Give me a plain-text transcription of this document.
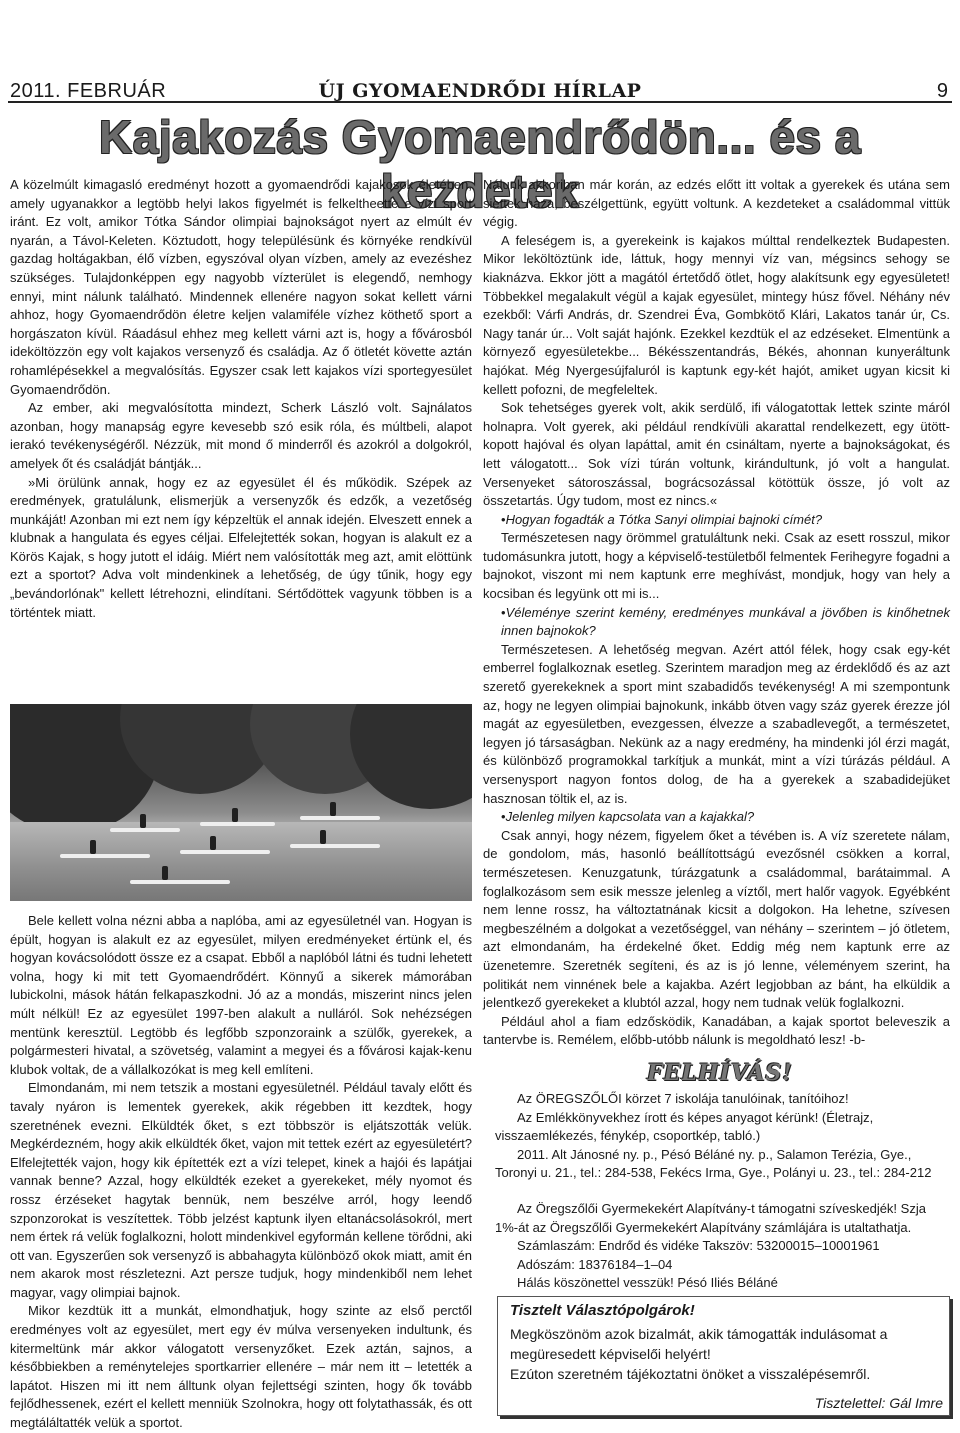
2011. FEBRUÁR	ÚJ GYOMAENDRŐDI HÍRLAP	9
Kajakozás Gyomaendrődön... és a kezdetek

A közelmúlt kimagasló eredményt hozott a gyomaendrődi kajakosok életében, amely ugyanakkor a legtöbb helyi lakos figyelmét is felkeltheette e vízi sport iránt. Ez volt, amikor Tótka Sándor olimpiai bajnokságot nyert az elmúlt év nyarán, a Távol-Keleten. Köztudott, hogy településünk és környéke rendkívül gazdag holtágakban, élő vízben, egyszóval olyan vízben, amely az evezéshez szükséges. Tulajdonképpen egy nagyobb vízterület is elegendő, nemhogy ennyi, mint nálunk található. Mindennek ellenére nagyon sokat kellett várni ahhoz, hogy Gyomaendrődön életre keljen valamiféle vízhez köthető sport a horgászaton kívül. Ráadásul ehhez meg kellett várni azt is, hogy a fővárosból ideköltözzön egy volt kajakos versenyző és családja. Az ő ötletét követte aztán rohamlépésekkel a megvalósítás. Egyszer csak lett kajakos vízi sportegyesület Gyomaendrődön.

Az ember, aki megvalósította mindezt, Scherk László volt. Sajnálatos azonban, hogy manapság egyre kevesebb szó esik róla, és múltbeli, alapot ierakó tevékenységéről. Nézzük, mit mond ő minderről és azokról a dolgokról, amelyek őt és családját bántják...

»Mi örülünk annak, hogy ez az egyesület él és működik. Szépek az eredmények, gratulálunk, elismerjük a versenyzők és edzők, a vezetőség munkáját! Azonban mi ezt nem így képzeltük el annak idején. Elveszett ennek a klubnak a hangulata és egyes céljai. Elfelejtették sokan, hogyan is alakult ez a Körös Kajak, s hogy jutott el idáig. Miért nem valósították meg azt, amit elöttünk ezt a sportot? Adva volt mindenkinek a lehetőség, de úgy tűnik, hogy egy „bevándorlónak" kellett létrehozni, elindítani. Sértődöttek vagyunk többen is a történtek miatt.

Bele kellett volna nézni abba a naplóba, ami az egyesületnél van. Hogyan is épült, hogyan is alakult ez az egyesület, milyen eredményeket értünk el, és hogyan kovácsolódott össze ez a csapat. Ebből a naplóból látni és tudni lehetett volna, hogy ki mit tett Gyomaendrődért. Könnyű a sikerek mámorában lubickolni, mások hátán felkapaszkodni. Jó az a mondás, miszerint nincs jelen múlt nélkül! Ez az egyesület 1997-ben alakult a nulláról. Sok nehézségen mentünk keresztül. Legtöbb és legfőbb szponzoraink a szülők, gyerekek, a polgármesteri hivatal, a szövetség, valamint a megyei és a fővárosi kajak-kenu klubok voltak, de a vállalkozókat is meg kell említeni.

Elmondanám, mi nem tetszik a mostani egyesületnél. Például tavaly előtt és tavaly nyáron is lementek gyerekek, akik régebben itt kezdtek, hogy szeretnének evezni. Elküldték őket, s ezt többször is eljátszották velük. Megkérdezném, hogy akik elküldték őket, vajon mit tettek ezért az egyesületért? Elfelejtették vajon, hogy kik építették ezt a vízi telepet, kinek a hajói és lapátjai vannak benne? Azzal, hogy elküldték ezeket a gyerekeket, mély nyomot és rossz érzéseket hagytak bennük, nem beszélve arról, hogy leendő szponzorokat is veszítettek. Több jelzést kaptunk ilyen eltanácsolásokról, mert nem értek rá velük foglalkozni, holott mindenkivel egyformán kellene törődni, aki ott van. Egyszerűen sok versenyző is abbahagyta különböző okok miatt, amit én nem akarok most részletezni. Azt persze tudjuk, hogy mindenkiből nem lehet magyar, vagy olimpiai bajnok.

Mikor kezdtük itt a munkát, elmondhatjuk, hogy szinte az első perctől eredményes volt az egyesület, mert egy év múlva versenyeken indultunk, és kitermeltünk már akkor válogatott versenyzőket. Ezek aztán, sajnos, a későbbiekben a reménytelejes sportkarrier ellenére – már nem itt – letették a lapátot. Hiszen mi itt nem álltunk olyan fejlettségi szinten, hogy ők tovább fejlődhessenek, ezért el kellett menniük Szolnokra, hogy ott folytathassák, és ott megtáláltatték velük a sportot.

Nálunk akkoriban már korán, az edzés előtt itt voltak a gyerekek és utána sem siettek haza, beszélgettünk, együtt voltunk. A kezdeteket a családommal vittük végig.

A feleségem is, a gyerekeink is kajakos múlttal rendelkeztek Budapesten. Mikor leköltöztünk ide, láttuk, hogy mennyi víz van, mégsincs sehogy se kiaknázva. Ekkor jött a magától értetődő ötlet, hogy alakítsunk egy egyesületet! Többekkel megalakult végül a kajak egyesület, mintegy húsz fővel. Néhány név ezekből: Várfi András, dr. Szendrei Éva, Gombkötő Klári, Lakatos tanár úr, Cs. Nagy tanár úr... Volt saját hajónk. Ezekkel kezdtük el az edzéseket. Elmentünk a környező egyesületekbe... Békésszentandrás, Békés, ahonnan kunyeráltunk hajókat. Még Nyergesújfaluról is kaptunk egy-két hajót, amiket ugyan kicsit ki kellett pofozni, de megfeleltek.

Sok tehetséges gyerek volt, akik serdülő, ifi válogatottak lettek szinte máról holnapra. Volt gyerek, aki például rendkívüli akarattal rendelkezett, egy ütött-kopott hajóval és olyan lapáttal, amit én csináltam, nyerte a bajnokságokat, és lett válogatott... Sok vízi túrán voltunk, kirándultunk, jó volt a hangulat. Versenyeket sátoroszással, bográcsozással kötöttük össze, jó volt az összetartás. Úgy tudom, most ez nincs.«

• Hogyan fogadták a Tótka Sanyi olimpiai bajnoki címét?

Természetesen nagy örömmel gratuláltunk neki. Csak az esett rosszul, mikor tudomásunkra jutott, hogy a képviselő-testületből felmentek Ferihegyre fogadni a bajnokot, viszont mi nem kaptunk erre meghívást, mondjuk, hogy van hely a kocsiban és legyünk ott mi is...

• Véleménye szerint kemény, eredményes munkával a jövőben is kinőhetnek innen bajnokok?

Természetesen. A lehetőség megvan. Azért attól félek, hogy csak egy-két emberrel foglalkoznak esetleg. Szerintem maradjon meg az érdeklődő és az azt szerető gyerekeknek a sport mint szabadidős tevékenység! A mi szempontunk az, hogy ne legyen olimpiai bajnokunk, inkább ötven vagy száz gyerek érezze jól magát az egyesületben, evezgessen, élvezze a szabadlevegőt, a természetet, legyen jó társaságban. Nekünk az a nagy eredmény, ha mindenki jól érzi magát, és különböző programokkal tarkítjuk a munkát, mint a vízi túrázás például. A versenysport nagyon fontos dolog, de ha a gyerekek a szabadidejüket hasznosan töltik el, az is.

• Jelenleg milyen kapcsolata van a kajakkal?

Csak annyi, hogy nézem, figyelem őket a tévében is. A víz szeretete nálam, de gondolom, más, hasonló beállítottságú evezősnél csökken a korral, természetesen. Kenuzgatunk, túrázgatunk a családommal, barátaimmal. A foglalkozásom sem esik messze jelenleg a víztől, mert halőr vagyok. Egyébként nem lenne rossz, ha változtatnának kicsit a dolgokon. Ha lehetne, szívesen megbeszélném a dolgokat a vezetőséggel, van néhány – szerintem – jó ötletem, azt elmondanám, ha érdekelné őket. Eddig még nem kaptunk erre az üzenetemre. Szeretnék segíteni, és az is jó lenne, véleményem szerint, ha politikát nem vinnének bele a kajakba. Azért legjobban az bánt, ha elküldik a jelentkező gyerekeket a klubtól azzal, hogy nem tudnak velük foglalkozni.

Például ahol a fiam edzősködik, Kanadában, a kajak sportot beleveszik a tantervbe is. Remélem, előbb-utóbb nálunk is megoldható lesz! -b-

FELHÍVÁS!

Az ÖREGSZŐLŐI körzet 7 iskolája tanulóinak, tanítóihoz!

Az Emlékkönyvekhez írott és képes anyagot kérünk! (Életrajz, visszaemlékezés, fénykép, csoportkép, tabló.)

2011. Alt Jánosné ny. p., Pésó Béláné ny. p., Salamon Terézia, Gye., Toronyi u. 21., tel.: 284-538, Fekécs Irma, Gye., Polányi u. 23., tel.: 284-212

Az Öregszőlői Gyermekekért Alapítvány-t támogatni szíveskedjék! Szja 1%-át az Öregszőlői Gyermekekért Alapítvány számlájára is utaltathatja.

Számlaszám: Endrőd és vidéke Takszöv: 53200015–10001961

Adószám: 18376184–1–04

Hálás köszönettel vesszük! Pésó Iliés Béláné

Tisztelt Választópolgárok!

Megköszönöm azok bizalmát, akik támogatták indulásomat a megüresedett képviselői helyért!

Ezúton szeretném tájékoztatni önöket a visszalépésemről.

Tisztelettel: Gál Imre
